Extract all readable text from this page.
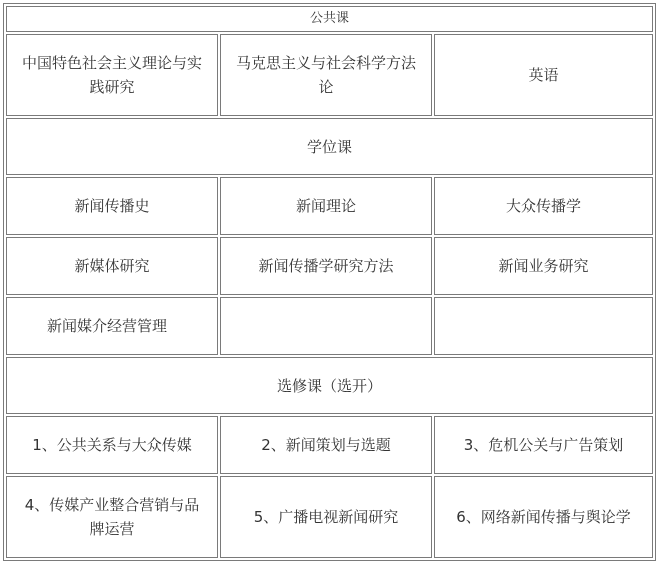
公共课		
中国特色社会主义理论与实践研究	马克思主义与社会科学方法论	英语
学位课		
新闻传播史	新闻理论	大众传播学
新媒体研究	新闻传播学研究方法	新闻业务研究
新闻媒介经营管理		
选修课（选开）		
1、公共关系与大众传媒	2、新闻策划与选题	3、危机公关与广告策划
4、传媒产业整合营销与品牌运营	5、广播电视新闻研究	6、网络新闻传播与舆论学
